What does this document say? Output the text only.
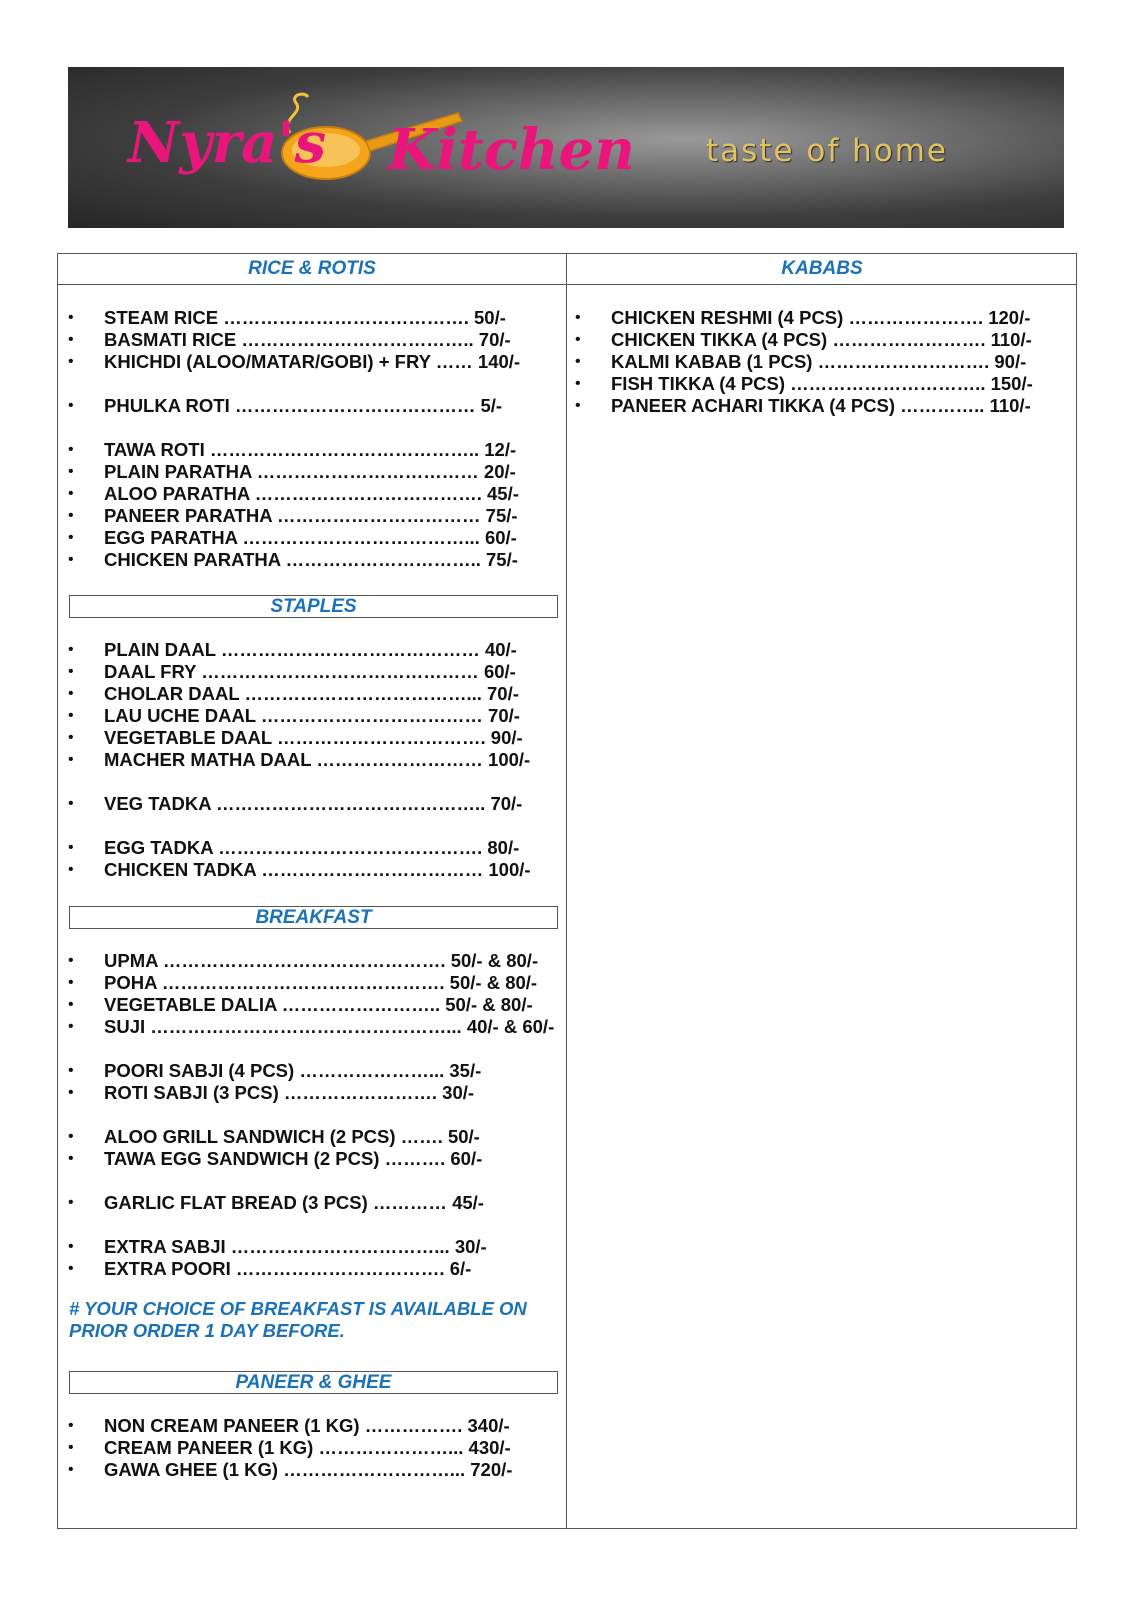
Nyra's Kitchen taste of home
RICE & ROTIS	KABABS
STAPLES
BREAKFAST
# YOUR CHOICE OF BREAKFAST IS AVAILABLE ON PRIOR ORDER 1 DAY BEFORE.
PANEER & GHEE
• STEAM RICE …………………………………. 50/-
• BASMATI RICE ……………………………….. 70/-
• KHICHDI (ALOO/MATAR/GOBI) + FRY …… 140/-
• PHULKA ROTI ………………………………… 5/-
• TAWA ROTI …………………………………….. 12/-
• PLAIN PARATHA ……………………………… 20/-
• ALOO PARATHA ………………………………. 45/-
• PANEER PARATHA …………………………… 75/-
• EGG PARATHA ………………………………... 60/-
• CHICKEN PARATHA ………………………….. 75/-
• PLAIN DAAL …………………………………… 40/-
• DAAL FRY ……………………………………… 60/-
• CHOLAR DAAL ………………………………... 70/-
• LAU UCHE DAAL ……………………………… 70/-
• VEGETABLE DAAL ……………………………. 90/-
• MACHER MATHA DAAL ……………………… 100/-
• VEG TADKA …………………………………….. 70/-
• EGG TADKA ……………………………………. 80/-
• CHICKEN TADKA ……………………………… 100/-
• UPMA ………………………………………. 50/- & 80/-
• POHA ………………………………………. 50/- & 80/-
• VEGETABLE DALIA …………………….. 50/- & 80/-
• SUJI …………………………………………... 40/- & 60/-
• POORI SABJI (4 PCS) …………………... 35/-
• ROTI SABJI (3 PCS) ……………………. 30/-
• ALOO GRILL SANDWICH (2 PCS) ……. 50/-
• TAWA EGG SANDWICH (2 PCS) ………. 60/-
• GARLIC FLAT BREAD (3 PCS) ………… 45/-
• EXTRA SABJI ……………………………... 30/-
• EXTRA POORI ……………………………. 6/-
• NON CREAM PANEER (1 KG) ……………. 340/-
• CREAM PANEER (1 KG) …………………... 430/-
• GAWA GHEE (1 KG) ………………………... 720/-
• CHICKEN RESHMI (4 PCS) …………………. 120/-
• CHICKEN TIKKA (4 PCS) ……………………. 110/-
• KALMI KABAB (1 PCS) ………………………. 90/-
• FISH TIKKA (4 PCS) ………………………….. 150/-
• PANEER ACHARI TIKKA (4 PCS) ………….. 110/-
